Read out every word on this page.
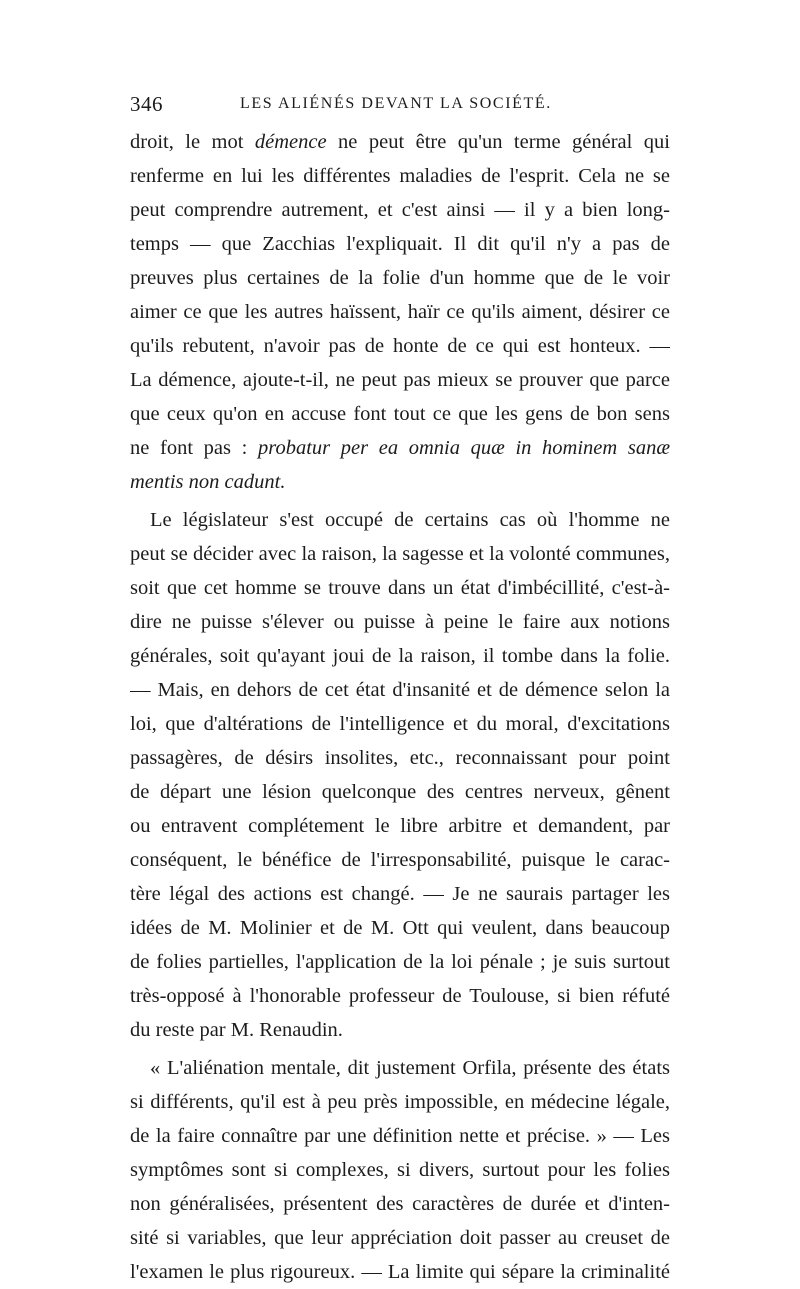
346	LES ALIÉNÉS DEVANT LA SOCIÉTÉ.
droit, le mot démence ne peut être qu'un terme général qui
renferme en lui les différentes maladies de l'esprit. Cela ne se
peut comprendre autrement, et c'est ainsi — il y a bien long-
temps — que Zacchias l'expliquait. Il dit qu'il n'y a pas de
preuves plus certaines de la folie d'un homme que de le voir
aimer ce que les autres haïssent, haïr ce qu'ils aiment, désirer ce
qu'ils rebutent, n'avoir pas de honte de ce qui est honteux. —
La démence, ajoute-t-il, ne peut pas mieux se prouver que parce
que ceux qu'on en accuse font tout ce que les gens de bon sens
ne font pas : probatur per ea omnia quæ in hominem sanæ
mentis non cadunt.
Le législateur s'est occupé de certains cas où l'homme ne
peut se décider avec la raison, la sagesse et la volonté communes,
soit que cet homme se trouve dans un état d'imbécillité, c'est-à-
dire ne puisse s'élever ou puisse à peine le faire aux notions
générales, soit qu'ayant joui de la raison, il tombe dans la folie.
— Mais, en dehors de cet état d'insanité et de démence selon la
loi, que d'altérations de l'intelligence et du moral, d'excitations
passagères, de désirs insolites, etc., reconnaissant pour point
de départ une lésion quelconque des centres nerveux, gênent
ou entravent complétement le libre arbitre et demandent, par
conséquent, le bénéfice de l'irresponsabilité, puisque le carac-
tère légal des actions est changé. — Je ne saurais partager les
idées de M. Molinier et de M. Ott qui veulent, dans beaucoup
de folies partielles, l'application de la loi pénale ; je suis surtout
très-opposé à l'honorable professeur de Toulouse, si bien réfuté
du reste par M. Renaudin.
« L'aliénation mentale, dit justement Orfila, présente des états
si différents, qu'il est à peu près impossible, en médecine légale,
de la faire connaître par une définition nette et précise. » — Les
symptômes sont si complexes, si divers, surtout pour les folies
non généralisées, présentent des caractères de durée et d'inten-
sité si variables, que leur appréciation doit passer au creuset de
l'examen le plus rigoureux. — La limite qui sépare la criminalité
